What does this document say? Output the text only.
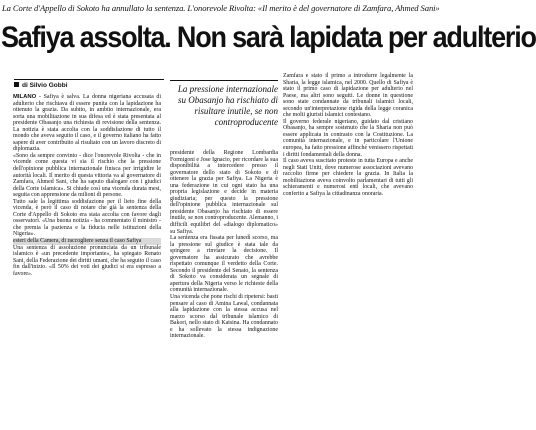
La Corte d'Appello di Sokoto ha annullato la sentenza. L'onorevole Rivolta: «Il merito è del governatore di Zamfara, Ahmed Sani»
Safiya assolta. Non sarà lapidata per adulterio
di Silvio Gobbi

MILANO - Safiya è salva. La donna nigeriana accusata di adulterio che rischiava di essere punita con la lapidazione ha ottenuto la grazia. Da subito, in ambito internazionale, era sorta una mobilitazione in sua difesa ed è stata presentata al presidente Obasanjo una richiesta di revisione della sentenza. La notizia è stata accolta con la soddisfazione di tutto il mondo che aveva seguito il caso, e il governo italiano ha fatto sapere di aver contribuito al risultato con un lavoro discreto di diplomazia.

«Sono da sempre convinto - dice l'onorevole Rivolta - che in vicende come questa vi sia il rischio che la pressione dell'opinione pubblica internazionale finisca per irrigidire le autorità locali. Il merito di questa vittoria va al governatore di Zamfara, Ahmed Sani, che ha saputo dialogare con i giudici della Corte islamica». Si chiude così una vicenda durata mesi, seguita con apprensione da milioni di persone.

Tutto sale la legittima soddisfazione per il lieto fine della vicenda, è però il caso di notare che già la sentenza della Corte d'Appello di Sokoto era stata accolta con favore dagli osservatori. «Una buona notizia - ha commentato il ministro - che premia la pazienza e la fiducia nelle istituzioni della Nigeria».

esteri della Camera, di raccogliere senza il caso Safiya

Una sentenza di assoluzione pronunciata da un tribunale islamico è «un precedente importante», ha spiegato Renato Sani, della Federazione dei diritti umani, che ha seguito il caso fin dall'inizio. «Il 50% dei voti dei giudici si era espresso a favore».

La pressione internazionale su Obasanjo ha rischiato di risultare inutile, se non controproducente

presidente della Regione Lombardia Formigoni e Jose Ignacio, per ricordare la sua disponibilità a intercedere presso il governatore dello stato di Sokoto e di ottenere la grazia per Safiya. La Nigeria è una federazione in cui ogni stato ha una propria legislazione e decide in materia giudiziaria; per questo la pressione dell'opinione pubblica internazionale sul presidente Obasanjo ha rischiato di essere inutile, se non controproducente. Alemanno, i difficili equilibri del «dialogo diplomatico» su Safiya.

La sentenza era fissata per lunedì scorso, ma la pressione sul giudice è stata tale da spingere a rinviare la decisione. Il governatore ha assicurato che avrebbe rispettato comunque il verdetto della Corte. Secondo il presidente del Senato, la sentenza di Sokoto va considerata un segnale di apertura della Nigeria verso le richieste della comunità internazionale.

Una vicenda che pone rischi di ripetersi: basti pensare al caso di Amina Lawal, condannata alla lapidazione con la stessa accusa nel marzo scorso dal tribunale islamico di Bakori, nello stato di Katsina. Ha condannato e ha sollevato la stessa indignazione internazionale.

Zamfara e stato il primo a introdurre legalmente la Sharia, la legge islamica, nel 2000. Quello di Safiya è stato il primo caso di lapidazione per adulterio nel Paese, ma altri sono seguiti. Le donne in questione sono state condannate da tribunali islamici locali, secondo un'interpretazione rigida della legge coranica che molti giuristi islamici contestano.

Il governo federale nigeriano, guidato dal cristiano Obasanjo, ha sempre sostenuto che la Sharia non può essere applicata in contrasto con la Costituzione. La comunità internazionale, e in particolare l'Unione europea, ha fatto pressione affinché venissero rispettati i diritti fondamentali della donna.

Il caso aveva suscitato proteste in tutta Europa e anche negli Stati Uniti, dove numerose associazioni avevano raccolto firme per chiedere la grazia. In Italia la mobilitazione aveva coinvolto parlamentari di tutti gli schieramenti e numerosi enti locali, che avevano conferito a Safiya la cittadinanza onoraria.
